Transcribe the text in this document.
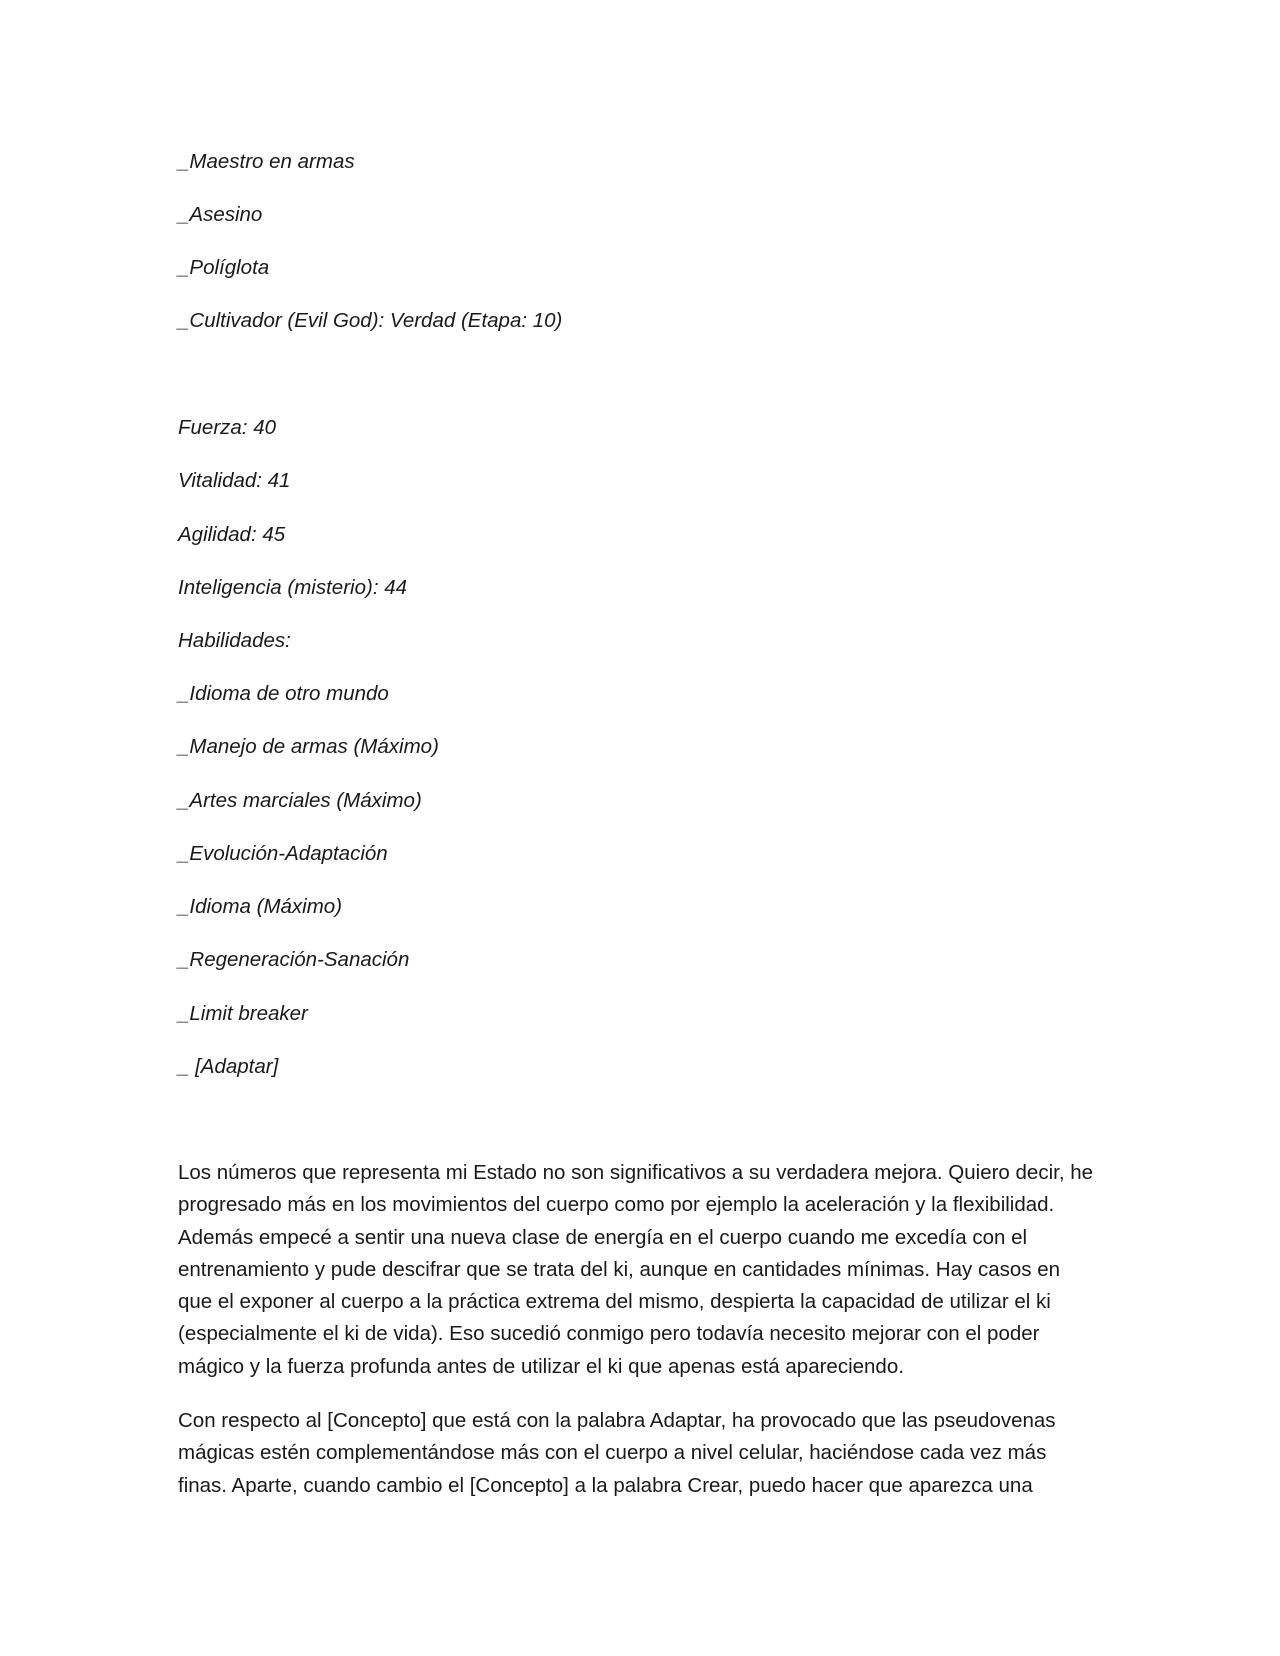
_Maestro en armas
_Asesino
_Políglota
_Cultivador (Evil God): Verdad (Etapa: 10)
Fuerza: 40
Vitalidad: 41
Agilidad: 45
Inteligencia (misterio): 44
Habilidades:
_Idioma de otro mundo
_Manejo de armas (Máximo)
_Artes marciales (Máximo)
_Evolución-Adaptación
_Idioma (Máximo)
_Regeneración-Sanación
_Limit breaker
_ [Adaptar]

Los números que representa mi Estado no son significativos a su verdadera mejora. Quiero decir, he progresado más en los movimientos del cuerpo como por ejemplo la aceleración y la flexibilidad. Además empecé a sentir una nueva clase de energía en el cuerpo cuando me excedía con el entrenamiento y pude descifrar que se trata del ki, aunque en cantidades mínimas. Hay casos en que el exponer al cuerpo a la práctica extrema del mismo, despierta la capacidad de utilizar el ki (especialmente el ki de vida). Eso sucedió conmigo pero todavía necesito mejorar con el poder mágico y la fuerza profunda antes de utilizar el ki que apenas está apareciendo.

Con respecto al [Concepto] que está con la palabra Adaptar, ha provocado que las pseudovenas mágicas estén complementándose más con el cuerpo a nivel celular, haciéndose cada vez más finas. Aparte, cuando cambio el [Concepto] a la palabra Crear, puedo hacer que aparezca una
